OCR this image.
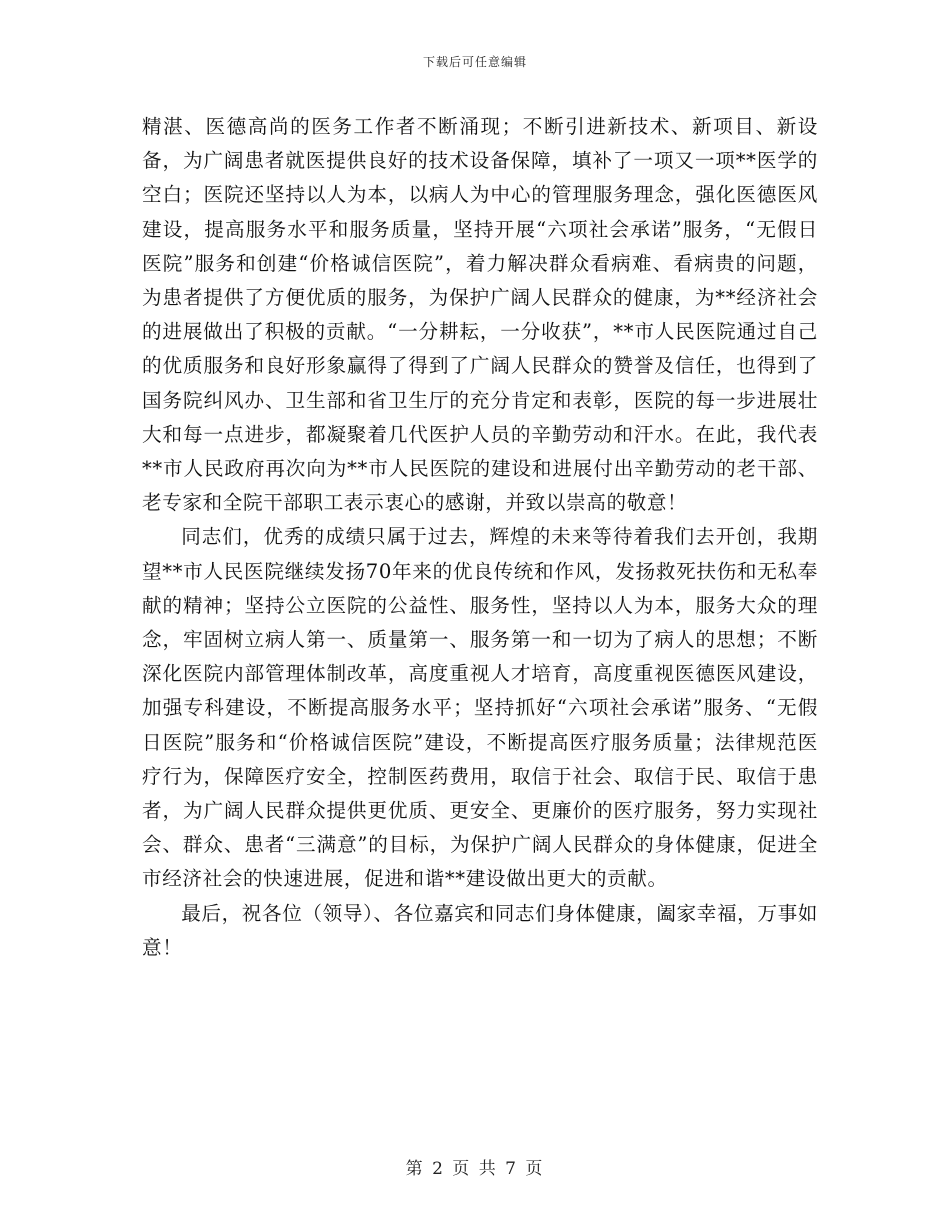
下载后可任意编辑

精湛、医德高尚的医务工作者不断涌现；不断引进新技术、新项目、新设备，为广阔患者就医提供良好的技术设备保障，填补了一项又一项**医学的空白；医院还坚持以人为本，以病人为中心的管理服务理念，强化医德医风建设，提高服务水平和服务质量，坚持开展“六项社会承诺”服务，“无假日医院”服务和创建“价格诚信医院”，着力解决群众看病难、看病贵的问题，为患者提供了方便优质的服务，为保护广阔人民群众的健康，为**经济社会的进展做出了积极的贡献。“一分耕耘，一分收获”，**市人民医院通过自己的优质服务和良好形象赢得了得到了广阔人民群众的赞誉及信任，也得到了国务院纠风办、卫生部和省卫生厅的充分肯定和表彰，医院的每一步进展壮大和每一点进步，都凝聚着几代医护人员的辛勤劳动和汗水。在此，我代表**市人民政府再次向为**市人民医院的建设和进展付出辛勤劳动的老干部、老专家和全院干部职工表示衷心的感谢，并致以崇高的敬意！

同志们，优秀的成绩只属于过去，辉煌的未来等待着我们去开创，我期望**市人民医院继续发扬70年来的优良传统和作风，发扬救死扶伤和无私奉献的精神；坚持公立医院的公益性、服务性，坚持以人为本，服务大众的理念，牢固树立病人第一、质量第一、服务第一和一切为了病人的思想；不断深化医院内部管理体制改革，高度重视人才培育，高度重视医德医风建设，加强专科建设，不断提高服务水平；坚持抓好“六项社会承诺”服务、“无假日医院”服务和“价格诚信医院”建设，不断提高医疗服务质量；法律规范医疗行为，保障医疗安全，控制医药费用，取信于社会、取信于民、取信于患者，为广阔人民群众提供更优质、更安全、更廉价的医疗服务，努力实现社会、群众、患者“三满意”的目标，为保护广阔人民群众的身体健康，促进全市经济社会的快速进展，促进和谐**建设做出更大的贡献。

最后，祝各位（领导）、各位嘉宾和同志们身体健康，阖家幸福，万事如意！

第 2 页 共 7 页
